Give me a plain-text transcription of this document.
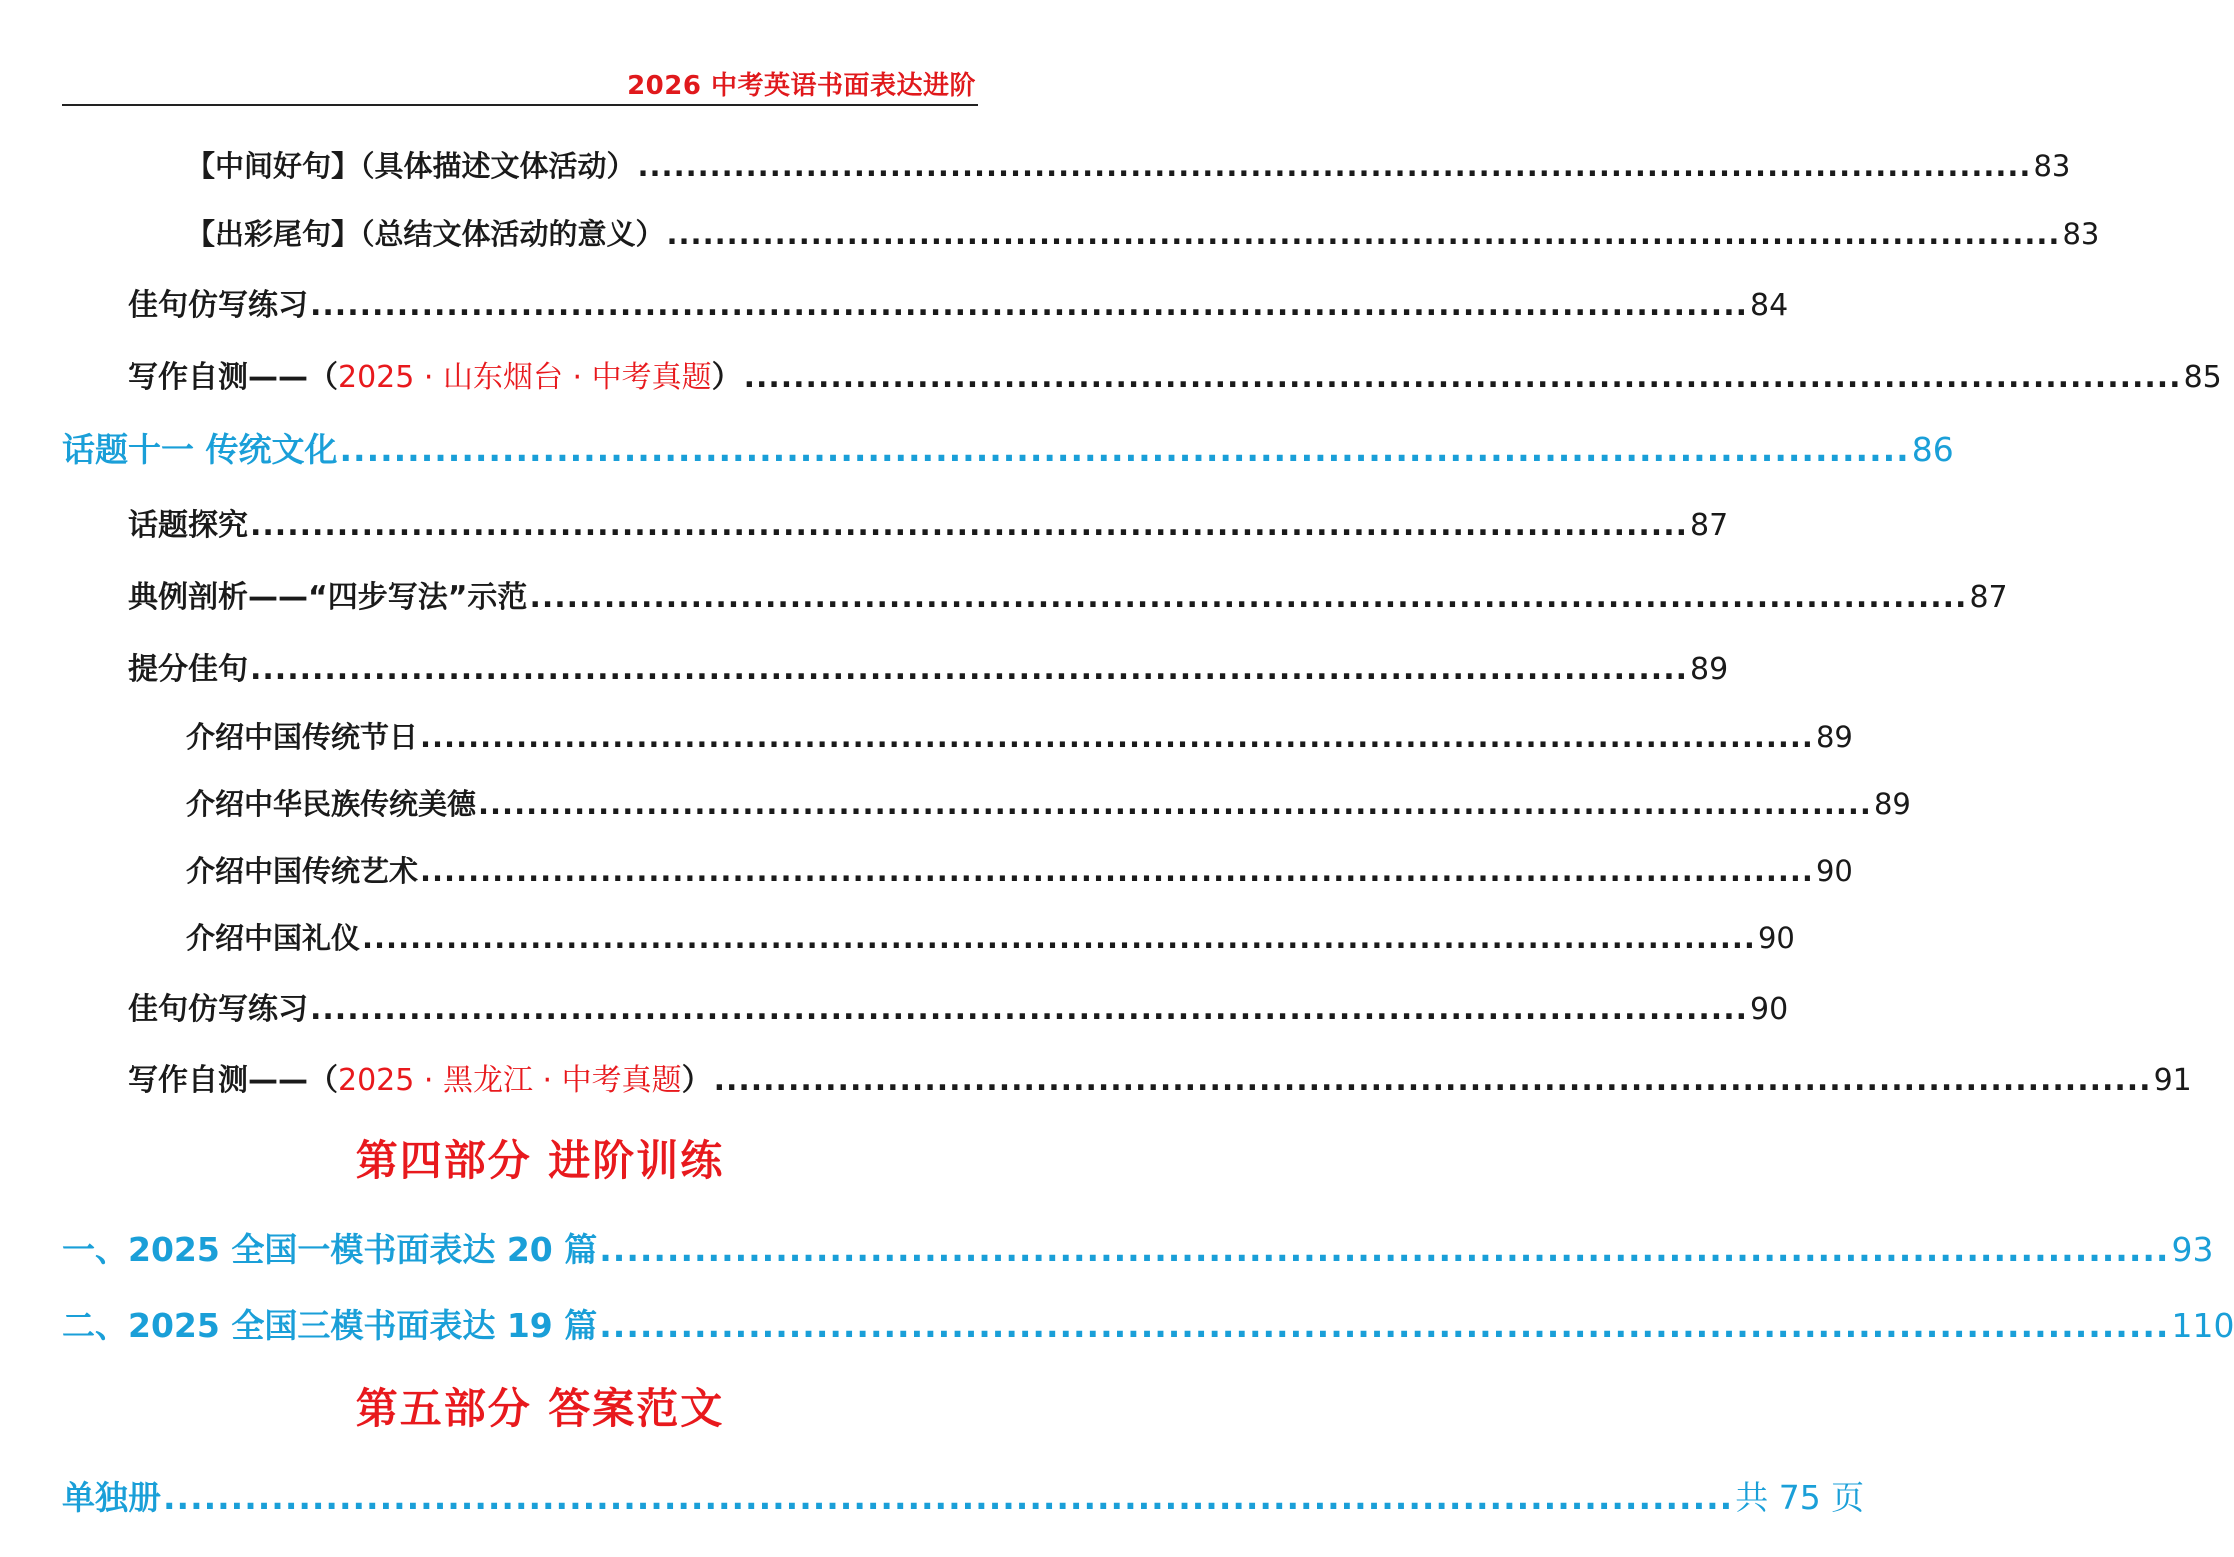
2026 中考英语书面表达进阶
【中间好句】（具体描述文体活动） .................................................................................................................... 83
【出彩尾句】（总结文体活动的意义） .................................................................................................................... 83
佳句仿写练习 .................................................................................................................... 84
写作自测——（2025 · 山东烟台 · 中考真题） .................................................................................................................... 85
话题十一 传统文化 .................................................................................................................... 86
话题探究 .................................................................................................................... 87
典例剖析——“四步写法”示范 .................................................................................................................... 87
提分佳句 .................................................................................................................... 89
介绍中国传统节日 .................................................................................................................... 89
介绍中华民族传统美德 .................................................................................................................... 89
介绍中国传统艺术 .................................................................................................................... 90
介绍中国礼仪 .................................................................................................................... 90
佳句仿写练习 .................................................................................................................... 90
写作自测——（2025 · 黑龙江 · 中考真题） .................................................................................................................... 91
第四部分 进阶训练
一、2025 全国一模书面表达 20 篇 .................................................................................................................... 93
二、2025 全国三模书面表达 19 篇 .................................................................................................................... 110
第五部分 答案范文
单独册 .................................................................................................................... 共 75 页
